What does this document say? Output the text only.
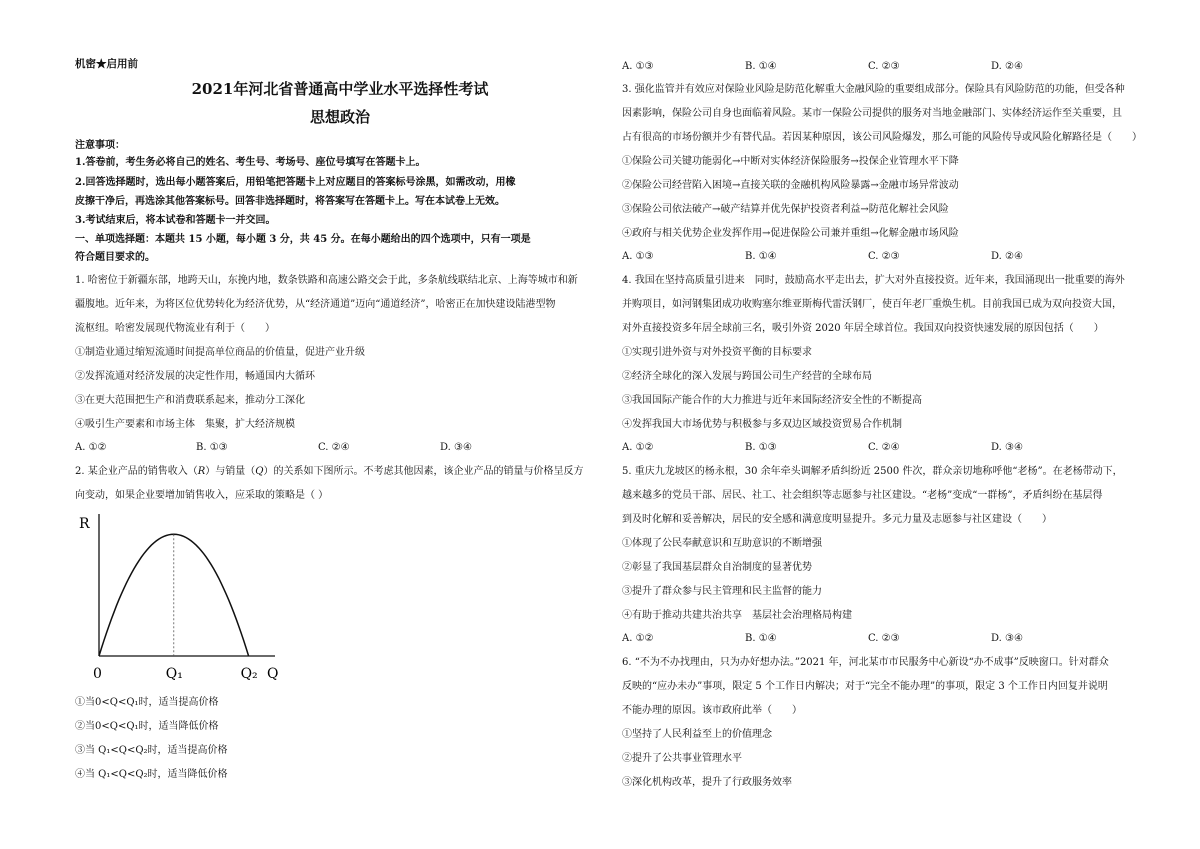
机密★启用前
2021年河北省普通高中学业水平选择性考试
思想政治
注意事项：
1.答卷前，考生务必将自己的姓名、考生号、考场号、座位号填写在答题卡上。
2.回答选择题时，选出每小题答案后，用铅笔把答题卡上对应题目的答案标号涂黑，如需改动，用橡
皮擦干净后，再选涂其他答案标号。回答非选择题时，将答案写在答题卡上。写在本试卷上无效。
3.考试结束后，将本试卷和答题卡一并交回。
一、单项选择题：本题共 15 小题，每小题 3 分，共 45 分。在每小题给出的四个选项中，只有一项是
符合题目要求的。
1. 哈密位于新疆东部，地跨天山，东挽内地，数条铁路和高速公路交会于此，多条航线联结北京、上海等城市和新
疆腹地。近年来，为将区位优势转化为经济优势，从“经济通道”迈向“通道经济”，哈密正在加快建设陆港型物
流枢纽。哈密发展现代物流业有利于（　　）
①制造业通过缩短流通时间提高单位商品的价值量，促进产业升级
②发挥流通对经济发展的决定性作用，畅通国内大循环
③在更大范围把生产和消费联系起来，推动分工深化
④吸引生产要素和市场主体　集聚，扩大经济规模
A. ①②	B. ①③	C. ②④	D. ③④
2. 某企业产品的销售收入（R）与销量（Q）的关系如下图所示。不考虑其他因素，该企业产品的销量与价格呈反方
向变动，如果企业要增加销售收入，应采取的策略是（ ）
R
0	Q₁	Q₂ Q
①当0<Q<Q₁时，适当提高价格
②当0<Q<Q₁时，适当降低价格
③当 Q₁<Q<Q₂时，适当提高价格
④当 Q₁<Q<Q₂时，适当降低价格
A. ①③	B. ①④	C. ②③	D. ②④
3. 强化监管并有效应对保险业风险是防范化解重大金融风险的重要组成部分。保险具有风险防范的功能，但受各种
因素影响，保险公司自身也面临着风险。某市一保险公司提供的服务对当地金融部门、实体经济运作至关重要，且
占有很高的市场份额并少有替代品。若因某种原因，该公司风险爆发，那么可能的风险传导或风险化解路径是（　　）
①保险公司关键功能弱化→中断对实体经济保险服务→投保企业管理水平下降
②保险公司经营陷入困境→直接关联的金融机构风险暴露→金融市场异常波动
③保险公司依法破产→破产结算并优先保护投资者利益→防范化解社会风险
④政府与相关优势企业发挥作用→促进保险公司兼并重组→化解金融市场风险
A. ①③	B. ①④	C. ②③	D. ②④
4. 我国在坚持高质量引进来　同时，鼓励高水平走出去，扩大对外直接投资。近年来，我国涌现出一批重要的海外
并购项目，如河钢集团成功收购塞尔维亚斯梅代雷沃钢厂，使百年老厂重焕生机。目前我国已成为双向投资大国，
对外直接投资多年居全球前三名，吸引外资 2020 年居全球首位。我国双向投资快速发展的原因包括（　　）
①实现引进外资与对外投资平衡的目标要求
②经济全球化的深入发展与跨国公司生产经营的全球布局
③我国国际产能合作的大力推进与近年来国际经济安全性的不断提高
④发挥我国大市场优势与积极参与多双边区域投资贸易合作机制
A. ①②	B. ①③	C. ②④	D. ③④
5. 重庆九龙坡区的杨永根，30 余年牵头调解矛盾纠纷近 2500 件次，群众亲切地称呼他“老杨”。在老杨带动下，
越来越多的党员干部、居民、社工、社会组织等志愿参与社区建设。“老杨”变成“一群杨”，矛盾纠纷在基层得
到及时化解和妥善解决，居民的安全感和满意度明显提升。多元力量及志愿参与社区建设（　　）
①体现了公民奉献意识和互助意识的不断增强
②彰显了我国基层群众自治制度的显著优势
③提升了群众参与民主管理和民主监督的能力
④有助于推动共建共治共享　基层社会治理格局构建
A. ①②	B. ①④	C. ②③	D. ③④
6. “不为不办找理由，只为办好想办法。”2021 年，河北某市市民服务中心新设“办不成事”反映窗口。针对群众
反映的“应办未办”事项，限定 5 个工作日内解决；对于“完全不能办理”的事项，限定 3 个工作日内回复并说明
不能办理的原因。该市政府此举（　　）
①坚持了人民利益至上的价值理念
②提升了公共事业管理水平
③深化机构改革，提升了行政服务效率
